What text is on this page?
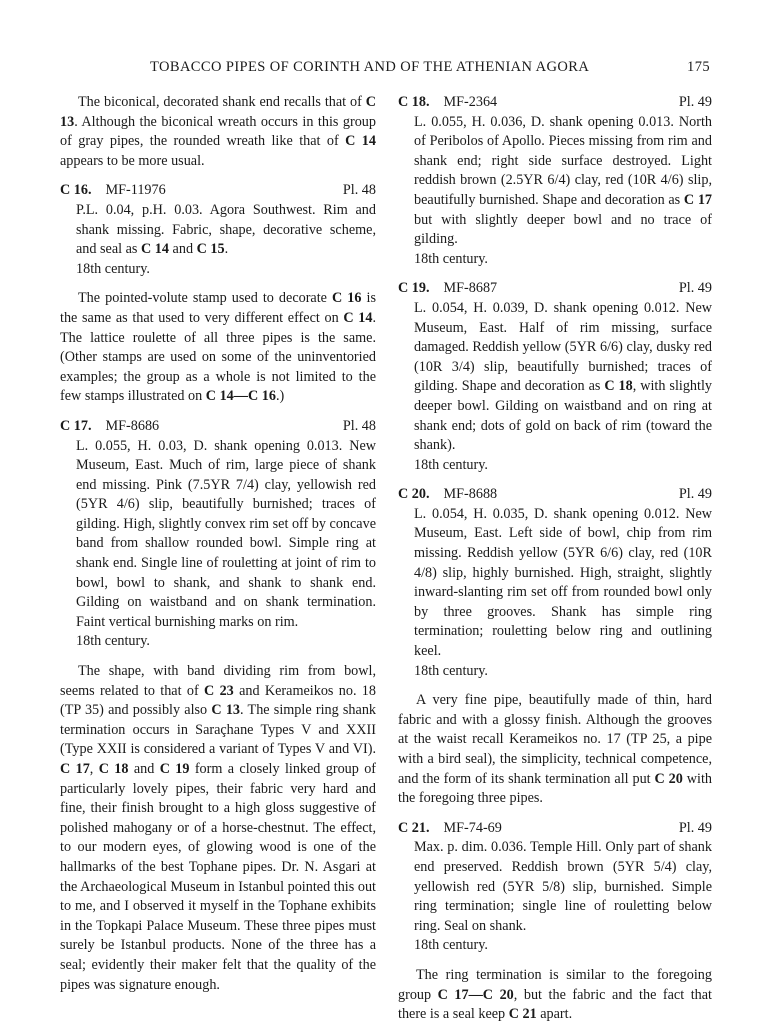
TOBACCO PIPES OF CORINTH AND OF THE ATHENIAN AGORA	175

The biconical, decorated shank end recalls that of C 13. Although the biconical wreath occurs in this group of gray pipes, the rounded wreath like that of C 14 appears to be more usual.

C 16. MF-11976	Pl. 48

P.L. 0.04, p.H. 0.03. Agora Southwest. Rim and shank missing. Fabric, shape, decorative scheme, and seal as C 14 and C 15.

18th century.

The pointed-volute stamp used to decorate C 16 is the same as that used to very different effect on C 14. The lattice roulette of all three pipes is the same. (Other stamps are used on some of the uninventoried examples; the group as a whole is not limited to the few stamps illustrated on C 14—C 16.)

C 17. MF-8686	Pl. 48

L. 0.055, H. 0.03, D. shank opening 0.013. New Museum, East. Much of rim, large piece of shank end missing. Pink (7.5YR 7/4) clay, yellowish red (5YR 4/6) slip, beautifully burnished; traces of gilding. High, slightly convex rim set off by concave band from shallow rounded bowl. Simple ring at shank end. Single line of rouletting at joint of rim to bowl, bowl to shank, and shank to shank end. Gilding on waistband and on shank termination. Faint vertical burnishing marks on rim.

18th century.

The shape, with band dividing rim from bowl, seems related to that of C 23 and Kerameikos no. 18 (TP 35) and possibly also C 13. The simple ring shank termination occurs in Saraçhane Types V and XXII (Type XXII is considered a variant of Types V and VI). C 17, C 18 and C 19 form a closely linked group of particularly lovely pipes, their fabric very hard and fine, their finish brought to a high gloss suggestive of polished mahogany or of a horse-chestnut. The effect, to our modern eyes, of glowing wood is one of the hallmarks of the best Tophane pipes. Dr. N. Asgari at the Archaeological Museum in Istanbul pointed this out to me, and I observed it myself in the Tophane exhibits in the Topkapi Palace Museum. These three pipes must surely be Istanbul products. None of the three has a seal; evidently their maker felt that the quality of the pipes was signature enough.

C 18. MF-2364	Pl. 49

L. 0.055, H. 0.036, D. shank opening 0.013. North of Peribolos of Apollo. Pieces missing from rim and shank end; right side surface destroyed. Light reddish brown (2.5YR 6/4) clay, red (10R 4/6) slip, beautifully burnished. Shape and decoration as C 17 but with slightly deeper bowl and no trace of gilding.

18th century.

C 19. MF-8687	Pl. 49

L. 0.054, H. 0.039, D. shank opening 0.012. New Museum, East. Half of rim missing, surface damaged. Reddish yellow (5YR 6/6) clay, dusky red (10R 3/4) slip, beautifully burnished; traces of gilding. Shape and decoration as C 18, with slightly deeper bowl. Gilding on waistband and on ring at shank end; dots of gold on back of rim (toward the shank).

18th century.

C 20. MF-8688	Pl. 49

L. 0.054, H. 0.035, D. shank opening 0.012. New Museum, East. Left side of bowl, chip from rim missing. Reddish yellow (5YR 6/6) clay, red (10R 4/8) slip, highly burnished. High, straight, slightly inward-slanting rim set off from rounded bowl only by three grooves. Shank has simple ring termination; rouletting below ring and outlining keel.

18th century.

A very fine pipe, beautifully made of thin, hard fabric and with a glossy finish. Although the grooves at the waist recall Kerameikos no. 17 (TP 25, a pipe with a bird seal), the simplicity, technical competence, and the form of its shank termination all put C 20 with the foregoing three pipes.

C 21. MF-74-69	Pl. 49

Max. p. dim. 0.036. Temple Hill. Only part of shank end preserved. Reddish brown (5YR 5/4) clay, yellowish red (5YR 5/8) slip, burnished. Simple ring termination; single line of rouletting below ring. Seal on shank.

18th century.

The ring termination is similar to the foregoing group C 17—C 20, but the fabric and the fact that there is a seal keep C 21 apart.
